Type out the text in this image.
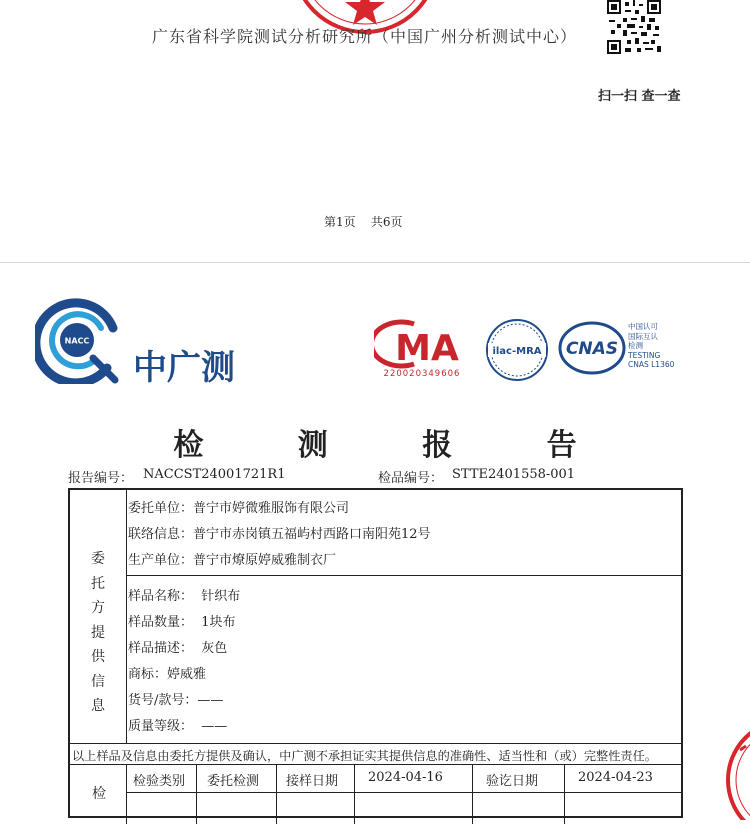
广东省科学院测试分析研究所（中国广州分析测试中心）
扫一扫 查一查
第1页    共6页
NACC
中广测	MA
220020349606
ilac-MRA CNAS
中国认可
国际互认
检测
TESTING
CNAS L1360
检 测 报 告
报告编号： NACCST24001721R1	检品编号： STTE2401558-001
委托方提供信息
委托单位：普宁市婷微雅服饰有限公司
联络信息：普宁市赤岗镇五福屿村西路口南阳苑12号
生产单位：普宁市燎原婷威雅制衣厂
样品名称：  针织布
样品数量：  1块布
样品描述：  灰色
商标：婷威雅
货号/款号：——
质量等级：  ——
以上样品及信息由委托方提供及确认，中广测不承担证实其提供信息的准确性、适当性和（或）完整性责任。
检
检验类别 委托检测 接样日期 2024-04-16	验讫日期	2024-04-23
